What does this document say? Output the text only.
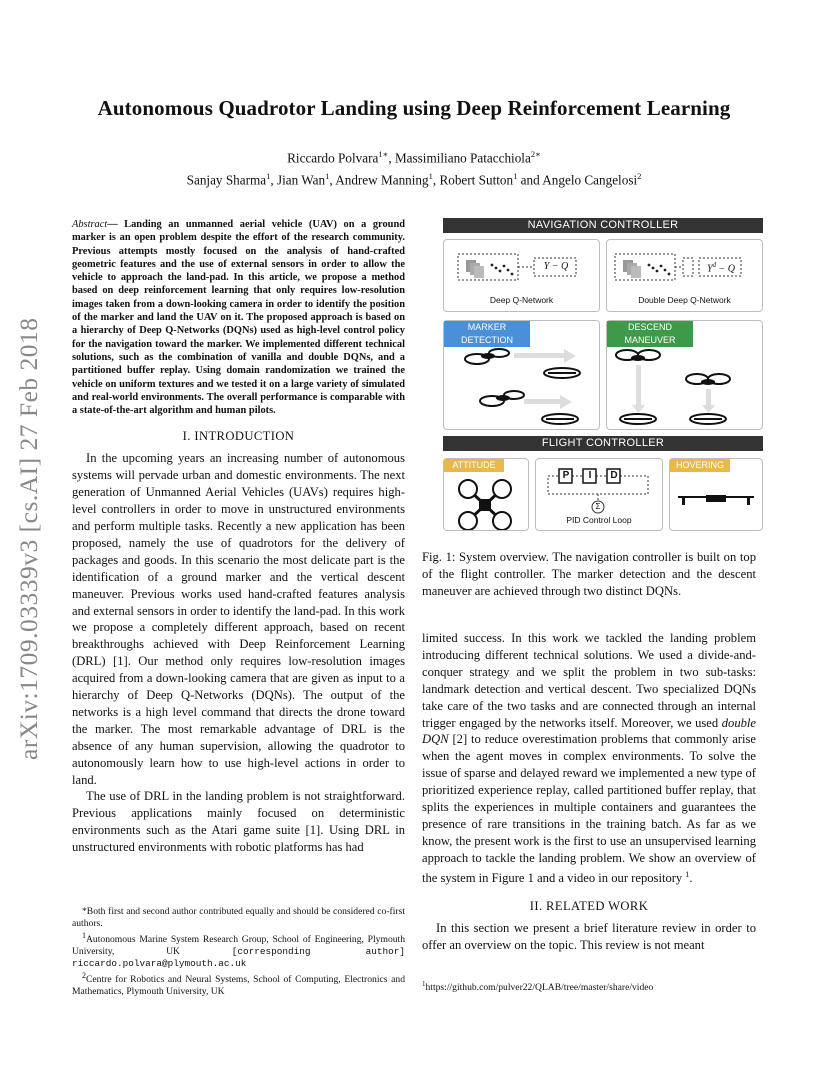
Autonomous Quadrotor Landing using Deep Reinforcement Learning
Riccardo Polvara$^{1∗}$, Massimiliano Patacchiola$^{2∗}$
Sanjay Sharma$^1$, Jian Wan$^1$, Andrew Manning$^1$, Robert Sutton$^1$ and Angelo Cangelosi$^2$
arXiv:1709.03339v3 [cs.AI] 27 Feb 2018

Abstract— Landing an unmanned aerial vehicle (UAV) on a ground marker is an open problem despite the effort of the research community. Previous attempts mostly focused on the analysis of hand-crafted geometric features and the use of external sensors in order to allow the vehicle to approach the land-pad. In this article, we propose a method based on deep reinforcement learning that only requires low-resolution images taken from a down-looking camera in order to identify the position of the marker and land the UAV on it. The proposed approach is based on a hierarchy of Deep Q-Networks (DQNs) used as high-level control policy for the navigation toward the marker. We implemented different technical solutions, such as the combination of vanilla and double DQNs, and a partitioned buffer replay. Using domain randomization we trained the vehicle on uniform textures and we tested it on a large variety of simulated and real-world environments. The overall performance is comparable with a state-of-the-art algorithm and human pilots.

I. INTRODUCTION

In the upcoming years an increasing number of autonomous systems will pervade urban and domestic environments. The next generation of Unmanned Aerial Vehicles (UAVs) requires high-level controllers in order to move in unstructured environments and perform multiple tasks. Recently a new application has been proposed, namely the use of quadrotors for the delivery of packages and goods. In this scenario the most delicate part is the identification of a ground marker and the vertical descent maneuver. Previous works used hand-crafted features analysis and external sensors in order to identify the land-pad. In this work we propose a completely different approach, based on recent breakthroughs achieved with Deep Reinforcement Learning (DRL) [1]. Our method only requires low-resolution images acquired from a down-looking camera that are given as input to a hierarchy of Deep Q-Networks (DQNs). The output of the networks is a high level command that directs the drone toward the marker. The most remarkable advantage of DRL is the absence of any human supervision, allowing the quadrotor to autonomously learn how to use high-level actions in order to land.

The use of DRL in the landing problem is not straightforward. Previous applications mainly focused on deterministic environments such as the Atari game suite [1]. Using DRL in unstructured environments with robotic platforms has had

*Both first and second author contributed equally and should be considered co-first authors.

$^1$Autonomous Marine System Research Group, School of Engineering, Plymouth University, UK [corresponding author] riccardo.polvara@plymouth.ac.uk

$^2$Centre for Robotics and Neural Systems, School of Computing, Electronics and Mathematics, Plymouth University, UK

NAVIGATION CONTROLLER
Y − Q
Deep Q-Network
$Y^d - Q$
Double Deep Q-Network
MARKER DETECTION
DESCEND MANEUVER
FLIGHT CONTROLLER
ATTITUDE
P	I	D
Σ
PID Control Loop
HOVERING
Fig. 1: System overview. The navigation controller is built on top of the flight controller. The marker detection and the descent maneuver are achieved through two distinct DQNs.

limited success. In this work we tackled the landing problem introducing different technical solutions. We used a divide-and-conquer strategy and we split the problem in two sub-tasks: landmark detection and vertical descent. Two specialized DQNs take care of the two tasks and are connected through an internal trigger engaged by the networks itself. Moreover, we used double DQN [2] to reduce overestimation problems that commonly arise when the agent moves in complex environments. To solve the issue of sparse and delayed reward we implemented a new type of prioritized experience replay, called partitioned buffer replay, that splits the experiences in multiple containers and guarantees the presence of rare transitions in the training batch. As far as we know, the present work is the first to use an unsupervised learning approach to tackle the landing problem. We show an overview of the system in Figure 1 and a video in our repository $^1$.

II. RELATED WORK

In this section we present a brief literature review in order to offer an overview on the topic. This review is not meant

$^1$https://github.com/pulver22/QLAB/tree/master/share/video
